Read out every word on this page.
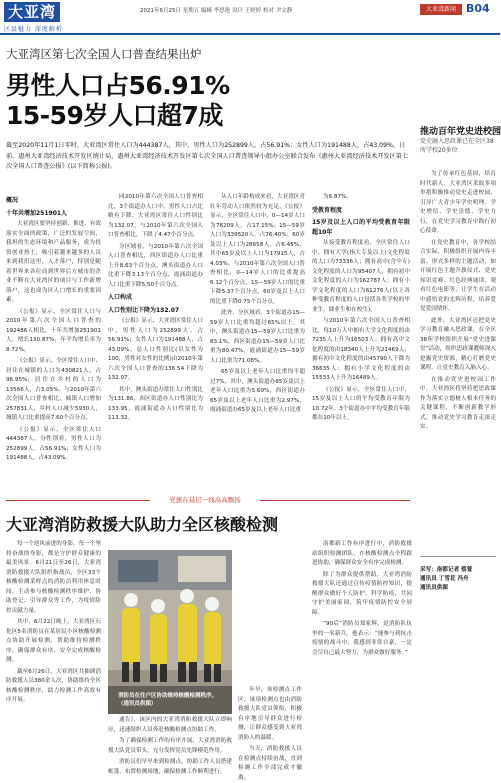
大亚湾
区县魅力 深度解析
2021年6月25日 星期五 编辑 李思艳 设计 王婷婷 校对 尹文静	大亚湾新闻 B04
大亚湾区第七次全国人口普查结果出炉
男性人口占56.91%
15-59岁人口超7成
截至2020年11月1日零时，大亚湾区常住人口为444387人，其中，男性人口为252899人，占56.91%；女性人口为191488人，占43.09%。日前，惠州大亚湾经济技术开发区统计局、惠州大亚湾经济技术开发区第七次全国人口普查领导小组办公室联合发布《惠州大亚湾经济技术开发区第七次全国人口普查公报》(以下简称公报)。
概况
十年共增加251901人

大亚湾区要坚持创新、推进、有效落实全面的政策，广泛的发展空间，我坦的生态环境和产品服务，成为投资创业热土，吸引着越来越多的人员来到我们这里，人才落户，特别是随着世界来各位而到世界后方城市的企业不断在大亚湾区的项目与工作新增落户，这也成为区人口增长的重要因素。

《公报》显示，全区常住人口与2010年第六次全国人口普查的192486人相比，十年共增加251901人，增长130.87%，年平均增长率为8.72%。

《公报》显示，全区常住人口中，居住在城镇的人口为430821人，占96.95%；居住在乡村的人口为13566人，占3.05%。与2010年第六次全国人口普查相比，城镇人口增加257831人，乡村人口减少5930人，城镇人口比重提高7.60个百分点。

《公报》显示，全区常住人口444387人，分性别看，男性人口为252899人，占56.91%；女性人口为191488人，占43.09%。

同2010年第六次全国人口普查相比，3个街道办人口中，男性人口占比略有下降，大亚湾区常住人口性别比为132.07，与2010年第六次全国人口普查相比，下降了4.47个百分点。

分区域看，与2010年第六次全国人口普查相比，西区街道办人口比重上升8.63个百分点，澳头街道办人口比重下降3.13个百分点，霞涌街道办人口比重下降5.50个百分点。

人口构成
人口性别比下降为132.07

《公报》显示，大亚湾区常住人口中，男性人口为252899人，占56.91%；女性人口为191488人，占43.09%。总人口性别比(以女性为100，男性对女性的比例)由2010年第六次全国人口普查的136.54下降为132.07。

其中，澳头街道办常住人口性别比为131.86，西区街道办人口性别比为133.95，霞涌街道办人口性别比为113.32。

从人口年龄构成来看，大亚湾区青壮年劳动人口依然较为充足。《公报》显示，全区常住人口中，0—14岁人口为76209人，占17.15%；15—59岁人口为339520人，占76.40%；60岁及以上人口为28658人，占6.45%，其中65岁及以上人口为17915人，占4.03%。与2010年第六次全国人口普查相比，0—14岁人口的比重提高6.12个百分点，15—59岁人口的比重下降5.37个百分点，60岁及以上人口的比重下降0.75个百分点。

此外，分区域看，3个街道办15—59岁人口比重均超过65%以上。其中，澳头街道办15—59岁人口比重为83.1%，西区街道办15—59岁人口比重为80.47%，霞涌街道办15—59岁人口比重为71.08%。

65岁及以上老年人口比重均不超过7%，其中，澳头街道办65岁及以上老年人口比重为5.69%，西区街道办65岁及以上老年人口比重为2.97%，霞涌街道办65岁及以上老年人口比重

为6.87%。

受教育程度
15岁及以上人口的平均受教育年限超10年

从接受教育程度看，全区常住人口中，拥有大学(指大专及以上)文化程度的人口为73336人；拥有高中(含中专)文化程度的人口为95407人；拥有初中文化程度的人口为162787人；拥有小学文化程度的人口为61276人(以上各种受教育程度的人口包括各类学校的毕业生、肄业生和在校生)。

与2010年第六次全国人口普查相比，每10万人中拥有大学文化程度的由7235人上升为16503人；拥有高中文化程度的由18340人上升为21469人；拥有初中文化程度的由45790人下降为36635人；拥有小学文化程度的由15533人上升为16489人。

《公报》显示，全区常住人口中，15岁及以上人口的平均受教育年限为10.72年。3个街道办中平均受教育年限都在10年以上。

推动百年党史进校园
党史融入思政课已在全区38所学校20多位

为了传承红色基因，培育时代新人，大亚湾区采取多项举措积极推动党史走进校园，引导广大青少年学史明理、学史增信、学史崇德、学史力行，在党史学习教育中践行初心使命。

在党史教育中，各学校结合实际，积极组织开展内容丰富、形式多样的主题活动，如开展红色主题升旗仪式、党史知识竞赛、红色经典诵读、观看红色电影等，让学生在活动中感悟党的光辉历程，培养爱党爱国情怀。

此外，大亚湾区还把党史学习教育融入思政课，在全区38所学校组织开展“党史进课堂”活动，组织思政课教师深入挖掘党史资源，精心打磨党史课程，让党史教育入脑入心。

在推动党史进校园工作中，大亚湾区将坚持把思政课作为落实立德树人根本任务的关键课程，不断创新教学形式，推动党史学习教育走深走实。

采写：南都记者 蔡萱
通讯员 丁雪花 冯舟
通讯员供图
党旗在基层一线高高飘扬
大亚湾消防救援大队助力全区核酸检测

每一个逆风前进的身影，每一个坚持奋战的身影，都是守护群众健康的最美风景。6月21日至26日，大亚湾消防救援大队组织指战员，全区33个核酸检测采样点的消防员利用休息时间，主动参与核酸检测秩序维护、协助登记、引导群众等工作，为疫情防控贡献力量。

其中，6月22日晚上，大亚湾区石化区5名消防员在某居民小区核酸检测点协助开展检测，帮助维持检测秩序，确保群众有序、安全完成核酸检测。

截至6月26日，大亚湾区共抽调消防救援人员380余人次，协助维持全区核酸检测秩序，助力检测工作高效有序开展。

消防员在住户区协助维持核酸检测秩序。
（通讯员供图）

通告》，该区内的大亚湾消防救援大队立即响应，迅速组织人员奔赴核酸检测点协助工作。

为了确保检测工作的有序开展，大亚湾消防救援大队党员带头，充分发挥党员先锋模范作用。

消防员们早早来到检测点，协助工作人员搭建帐篷、布置检测场地，确保检测工作顺利进行。

年早，该检测点工作区，该项检测点也由消防救援大队党员领衔，积极有序地引导群众进行检测，让群众感受到大亚湾消防人的温暖。

当天，消防救援人员在检测点持续奋战，直到检测工作全部完成才撤离。

南都新工作有序进行中，消防救援站组织检测团队，在核酸检测点全程跟进协助，确保群众安全有序完成检测。

除了为群众提供帮助，大亚湾消防救援大队还通过宣传疫情防控知识，提醒群众做好个人防护，科学防疫，共同守护美丽家园，筑牢疫情防控安全屏障。

“90后”消防员郑家辉，是消防队伍里的一名新兵，他表示：“能参与到抗击疫情的战斗中，我感到非常自豪，一定会尽自己最大努力，为群众做好服务。”
